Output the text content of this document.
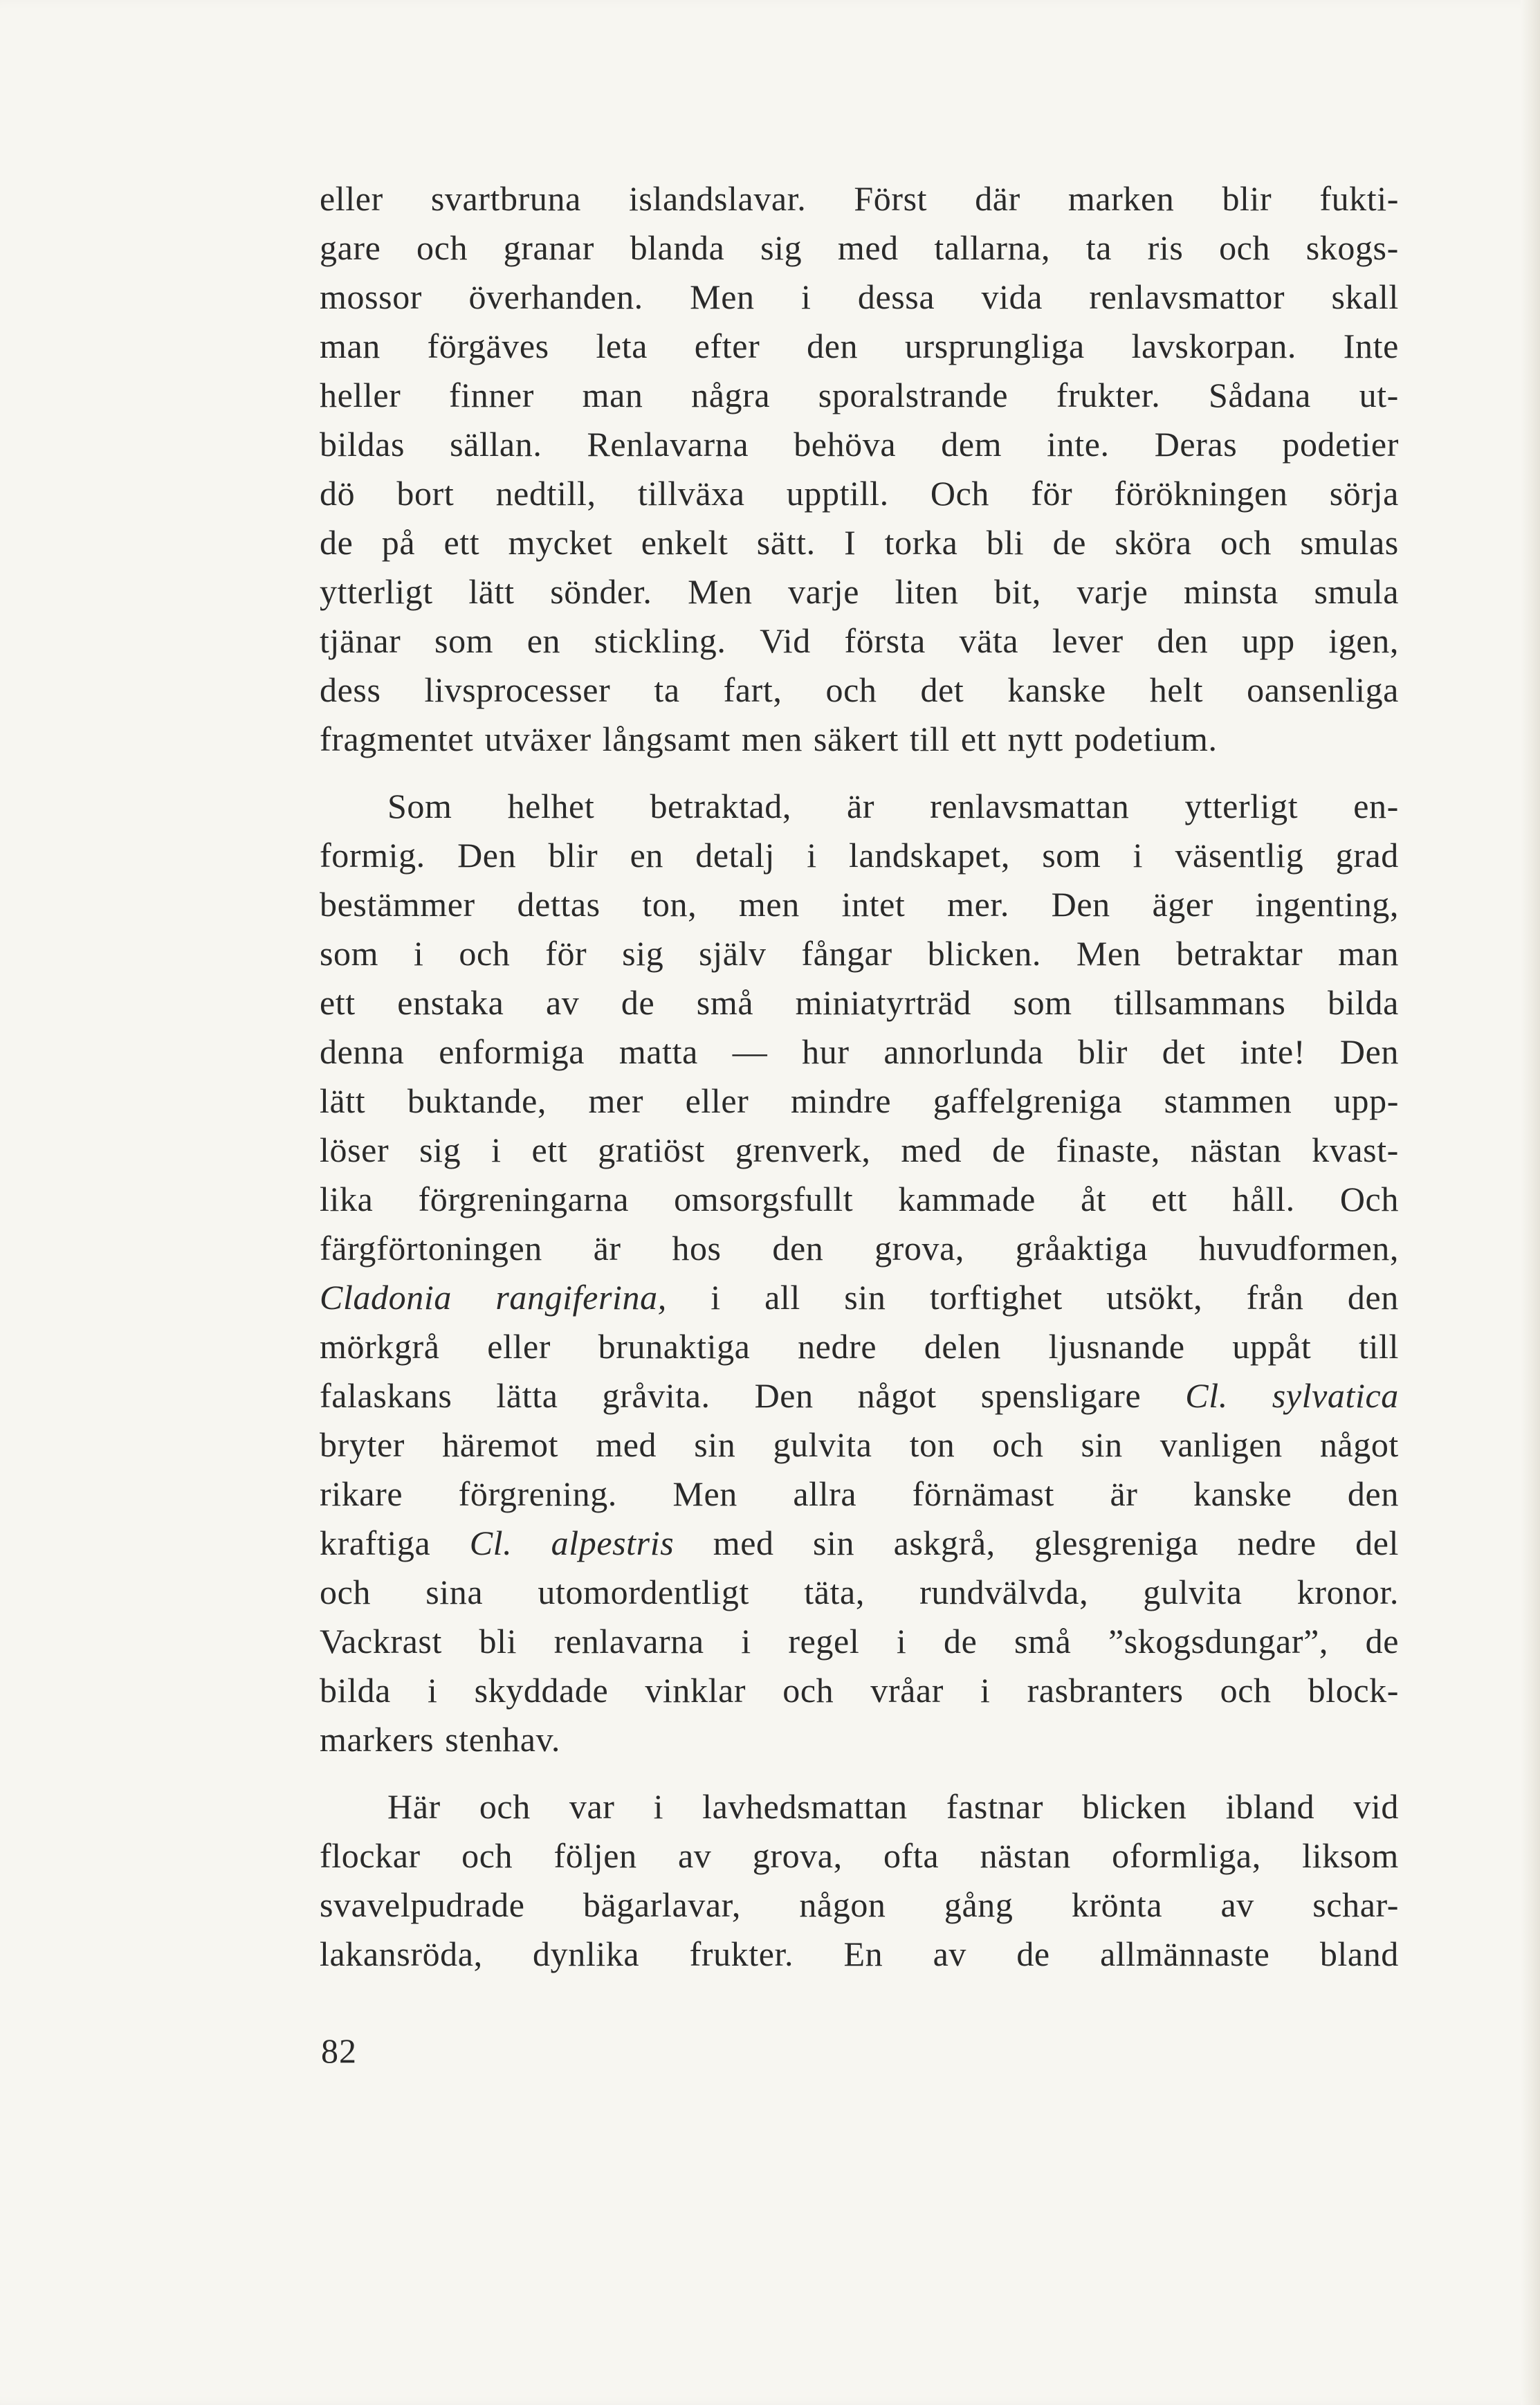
eller svartbruna islandslavar. Först där marken blir fukti-
gare och granar blanda sig med tallarna, ta ris och skogs-
mossor överhanden. Men i dessa vida renlavsmattor skall
man förgäves leta efter den ursprungliga lavskorpan. Inte
heller finner man några sporalstrande frukter. Sådana ut-
bildas sällan. Renlavarna behöva dem inte. Deras podetier
dö bort nedtill, tillväxa upptill. Och för förökningen sörja
de på ett mycket enkelt sätt. I torka bli de sköra och smulas
ytterligt lätt sönder. Men varje liten bit, varje minsta smula
tjänar som en stickling. Vid första väta lever den upp igen,
dess livsprocesser ta fart, och det kanske helt oansenliga
fragmentet utväxer långsamt men säkert till ett nytt podetium.
Som helhet betraktad, är renlavsmattan ytterligt en-
formig. Den blir en detalj i landskapet, som i väsentlig grad
bestämmer dettas ton, men intet mer. Den äger ingenting,
som i och för sig själv fångar blicken. Men betraktar man
ett enstaka av de små miniatyrträd som tillsammans bilda
denna enformiga matta — hur annorlunda blir det inte! Den
lätt buktande, mer eller mindre gaffelgreniga stammen upp-
löser sig i ett gratiöst grenverk, med de finaste, nästan kvast-
lika förgreningarna omsorgsfullt kammade åt ett håll. Och
färgförtoningen är hos den grova, gråaktiga huvudformen,
Cladonia rangiferina, i all sin torftighet utsökt, från den
mörkgrå eller brunaktiga nedre delen ljusnande uppåt till
falaskans lätta gråvita. Den något spensligare Cl. sylvatica
bryter häremot med sin gulvita ton och sin vanligen något
rikare förgrening. Men allra förnämast är kanske den
kraftiga Cl. alpestris med sin askgrå, glesgreniga nedre del
och sina utomordentligt täta, rundvälvda, gulvita kronor.
Vackrast bli renlavarna i regel i de små ”skogsdungar”, de
bilda i skyddade vinklar och vråar i rasbranters och block-
markers stenhav.
Här och var i lavhedsmattan fastnar blicken ibland vid
flockar och följen av grova, ofta nästan oformliga, liksom
svavelpudrade bägarlavar, någon gång krönta av schar-
lakansröda, dynlika frukter. En av de allmännaste bland
82
